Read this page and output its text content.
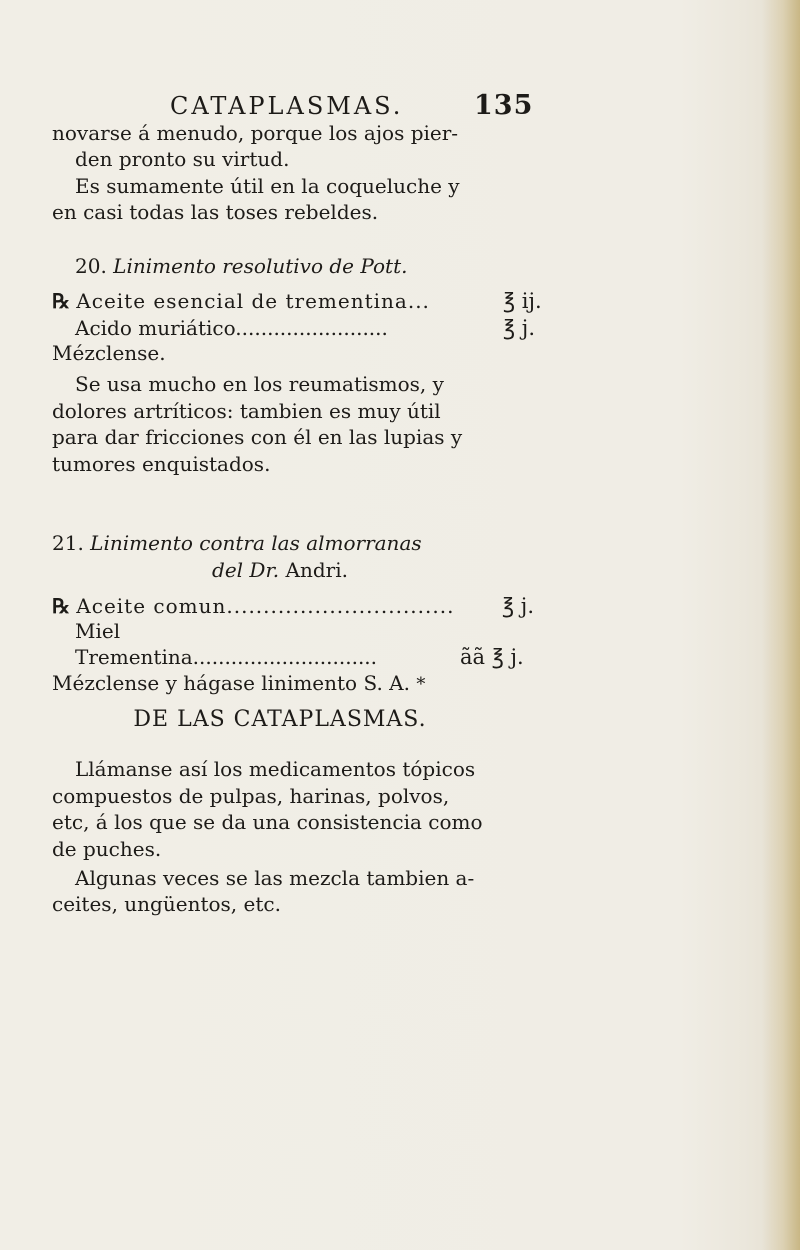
CATAPLASMAS.	135
novarse á menudo, porque los ajos pier-
den pronto su virtud.
Es sumamente útil en la coqueluche y
en casi todas las toses rebeldes.
20. Linimento resolutivo de Pott.
℞ Aceite esencial de trementina...	℥ ij.
Acido muriático........................	℥ j.
Mézclense.
Se usa mucho en los reumatismos, y
dolores artríticos: tambien es muy útil
para dar fricciones con él en las lupias y
tumores enquistados.
21. Linimento contra las almorranas
del Dr. Andri.
℞ Aceite comun............................... ℥ j.
Miel
Trementina.............................	ãã ℥ j.
Mézclense y hágase linimento S. A. *
DE LAS CATAPLASMAS.
Llámanse así los medicamentos tópicos
compuestos de pulpas, harinas, polvos,
etc, á los que se da una consistencia como
de puches.
Algunas veces se las mezcla tambien a-
ceites, ungüentos, etc.
